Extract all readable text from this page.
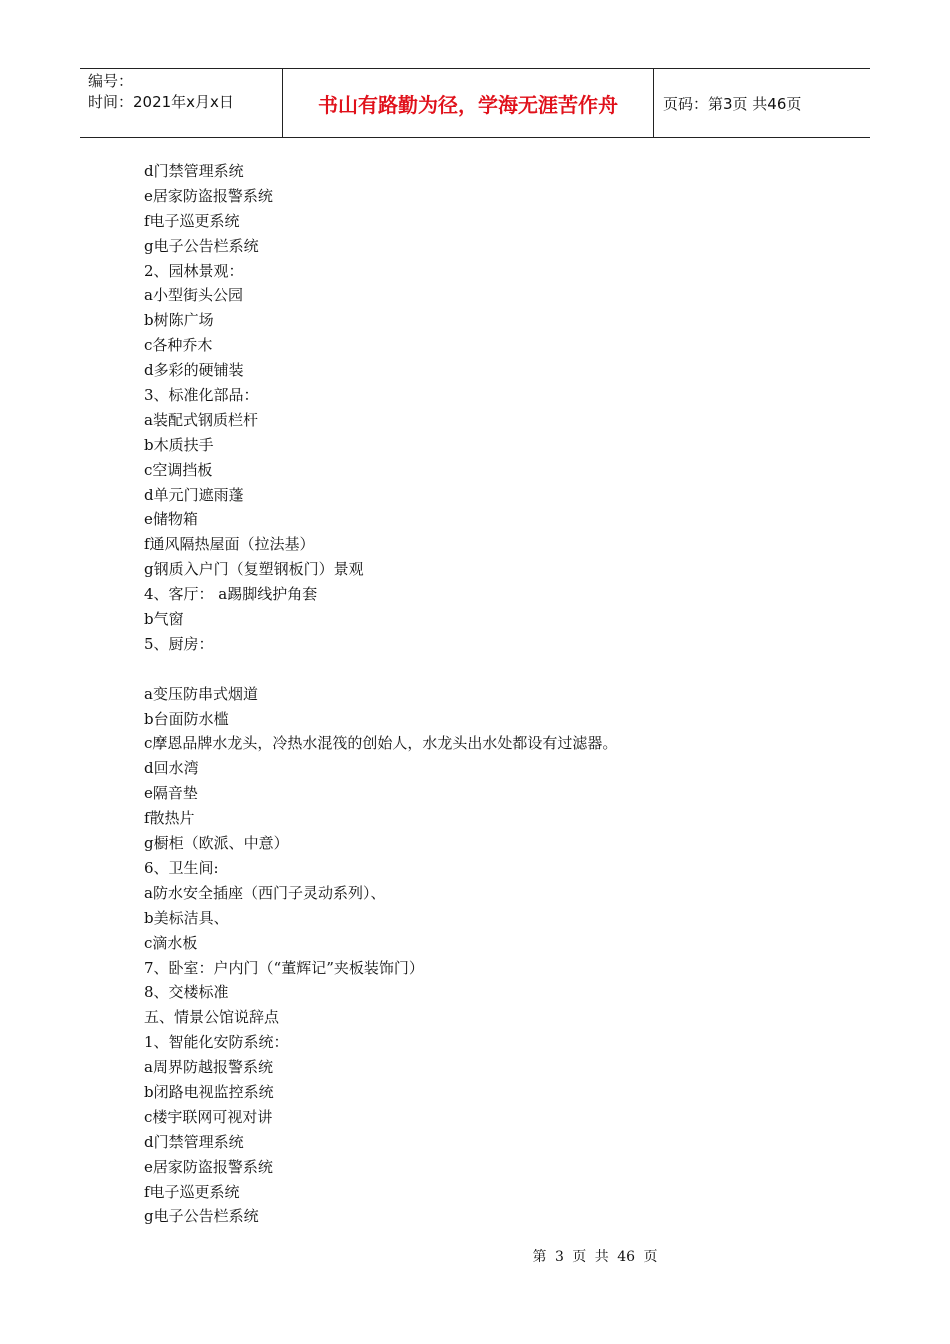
编号：
时间：2021年x月x日	书山有路勤为径，学海无涯苦作舟	页码：第3页 共46页
d门禁管理系统
e居家防盗报警系统
f电子巡更系统
g电子公告栏系统
2、园林景观：
a小型街头公园
b树陈广场
c各种乔木
d多彩的硬铺装
3、标准化部品：
a装配式钢质栏杆
b木质扶手
c空调挡板
d单元门遮雨蓬
e储物箱
f通风隔热屋面（拉法基）
g钢质入户门（复塑钢板门）景观
4、客厅： a踢脚线护角套
b气窗
5、厨房：
a变压防串式烟道
b台面防水槛
c摩恩品牌水龙头，冷热水混筏的创始人，水龙头出水处都设有过滤器。
d回水湾
e隔音垫
f散热片
g橱柜（欧派、中意）
6、卫生间:
a防水安全插座（西门子灵动系列）、
b美标洁具、
c滴水板
7、卧室：户内门（“董辉记”夹板装饰门）
8、交楼标准
五、情景公馆说辞点
1、智能化安防系统：
a周界防越报警系统
b闭路电视监控系统
c楼宇联网可视对讲
d门禁管理系统
e居家防盗报警系统
f电子巡更系统
g电子公告栏系统
第 3 页 共 46 页
